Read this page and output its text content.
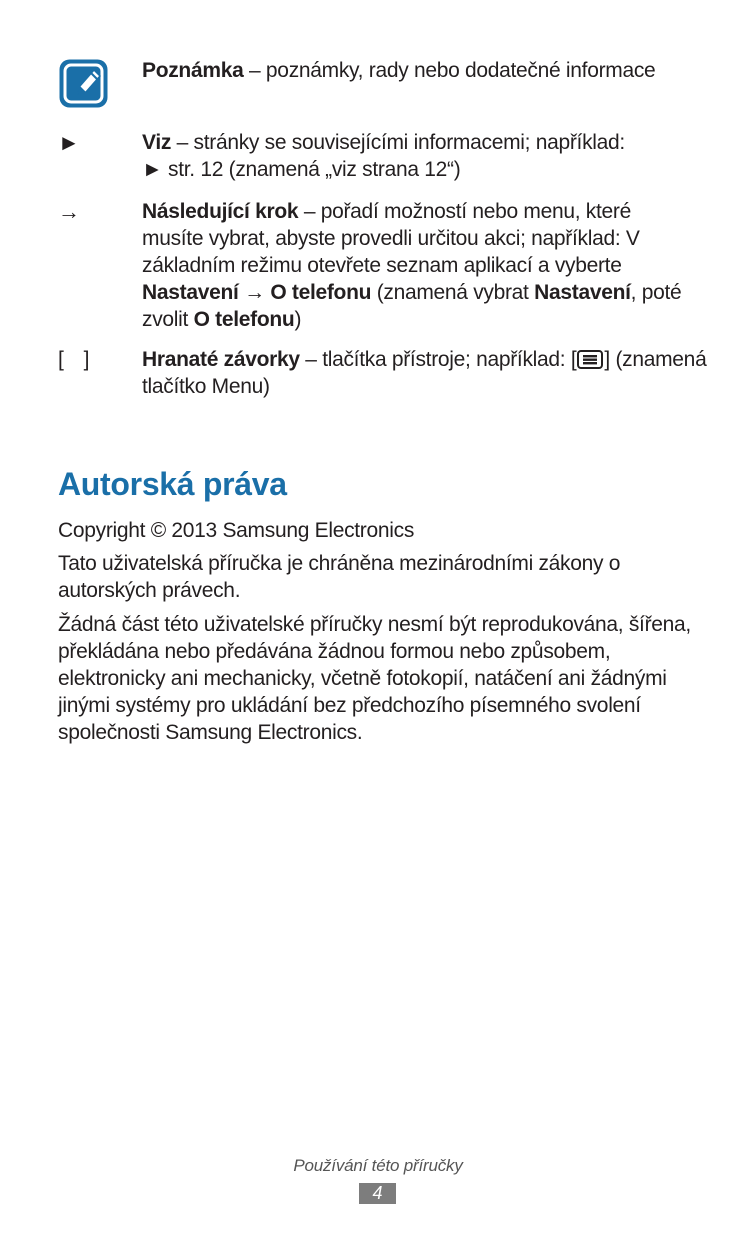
Poznámka – poznámky, rady nebo dodatečné informace
►	Viz – stránky se souvisejícími informacemi; například:
► str. 12 (znamená „viz strana 12“)
→	Následující krok – pořadí možností nebo menu, které musíte vybrat, abyste provedli určitou akci; například: V základním režimu otevřete seznam aplikací a vyberte Nastavení → O telefonu (znamená vybrat Nastavení, poté zvolit O telefonu)
[ ] Hranaté závorky – tlačítka přístroje; například: [ ] (znamená tlačítko Menu)
Autorská práva

Copyright © 2013 Samsung Electronics

Tato uživatelská příručka je chráněna mezinárodními zákony o autorských právech.

Žádná část této uživatelské příručky nesmí být reprodukována, šířena, překládána nebo předávána žádnou formou nebo způsobem, elektronicky ani mechanicky, včetně fotokopií, natáčení ani žádnými jinými systémy pro ukládání bez předchozího písemného svolení společnosti Samsung Electronics.

Používání této příručky
4
